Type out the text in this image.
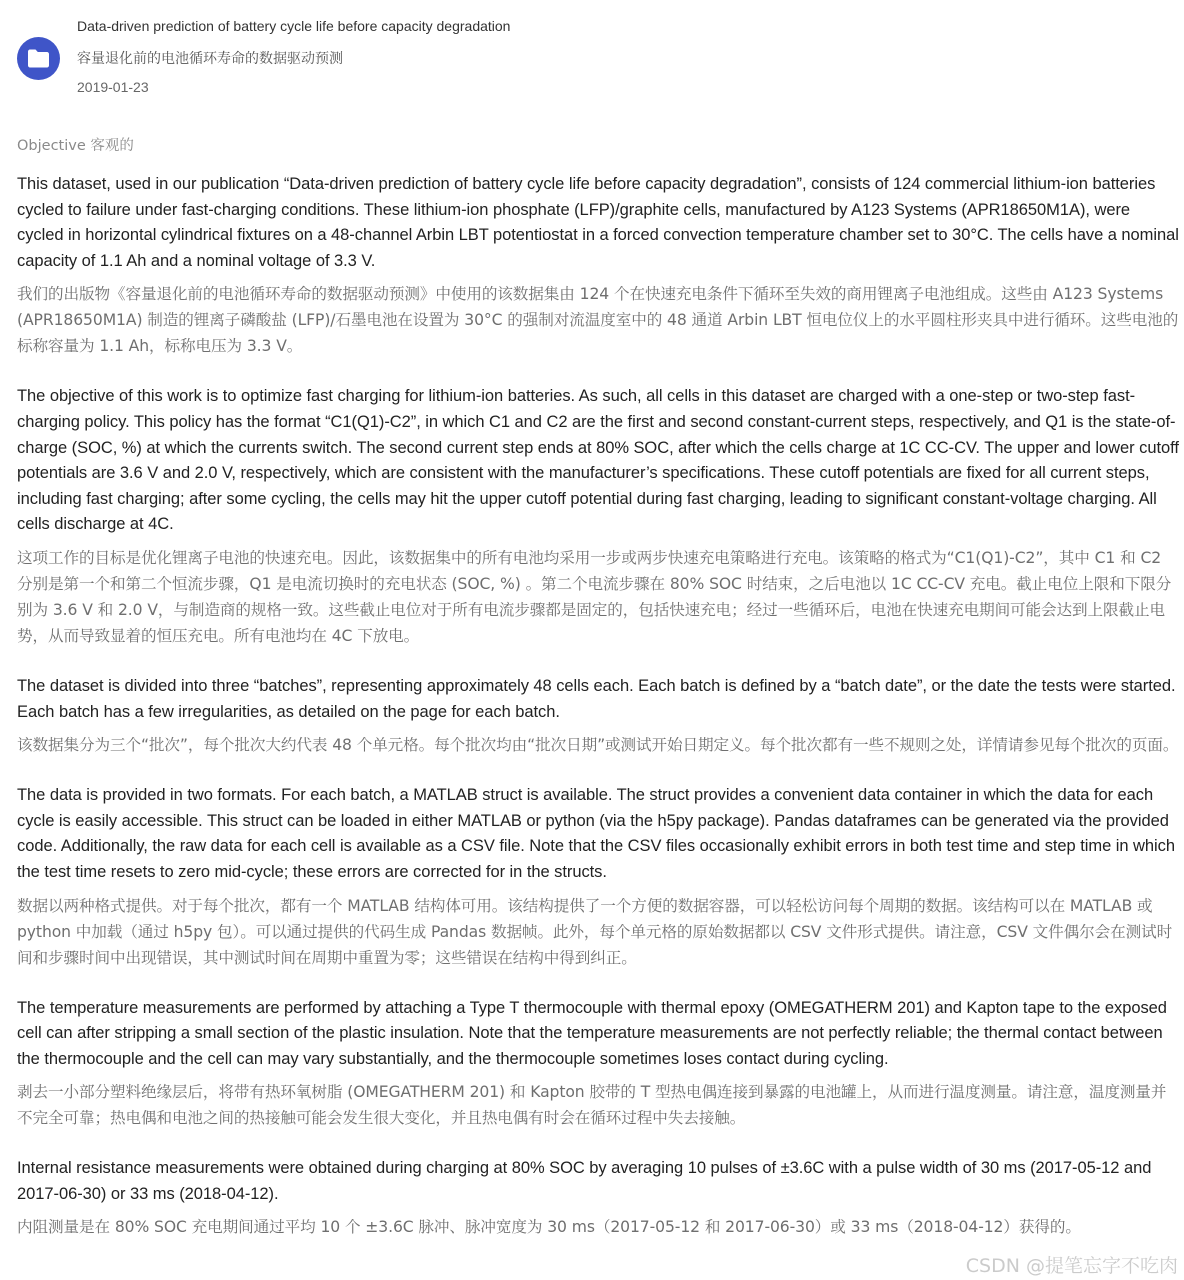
Data-driven prediction of battery cycle life before capacity degradation
容量退化前的电池循环寿命的数据驱动预测
2019-01-23
Objective 客观的

This dataset, used in our publication “Data-driven prediction of battery cycle life before capacity degradation”, consists of 124 commercial lithium-ion batteries cycled to failure under fast-charging conditions. These lithium-ion phosphate (LFP)/graphite cells, manufactured by A123 Systems (APR18650M1A), were cycled in horizontal cylindrical fixtures on a 48-channel Arbin LBT potentiostat in a forced convection temperature chamber set to 30°C. The cells have a nominal capacity of 1.1 Ah and a nominal voltage of 3.3 V.

我们的出版物《容量退化前的电池循环寿命的数据驱动预测》中使用的该数据集由 124 个在快速充电条件下循环至失效的商用锂离子电池组成。这些由 A123 Systems (APR18650M1A) 制造的锂离子磷酸盐 (LFP)/石墨电池在设置为 30°C 的强制对流温度室中的 48 通道 Arbin LBT 恒电位仪上的水平圆柱形夹具中进行循环。这些电池的标称容量为 1.1 Ah，标称电压为 3.3 V。

The objective of this work is to optimize fast charging for lithium-ion batteries. As such, all cells in this dataset are charged with a one-step or two-step fast-charging policy. This policy has the format “C1(Q1)-C2”, in which C1 and C2 are the first and second constant-current steps, respectively, and Q1 is the state-of-charge (SOC, %) at which the currents switch. The second current step ends at 80% SOC, after which the cells charge at 1C CC-CV. The upper and lower cutoff potentials are 3.6 V and 2.0 V, respectively, which are consistent with the manufacturer’s specifications. These cutoff potentials are fixed for all current steps, including fast charging; after some cycling, the cells may hit the upper cutoff potential during fast charging, leading to significant constant-voltage charging. All cells discharge at 4C.

这项工作的目标是优化锂离子电池的快速充电。因此，该数据集中的所有电池均采用一步或两步快速充电策略进行充电。该策略的格式为“C1(Q1)-C2”，其中 C1 和 C2 分别是第一个和第二个恒流步骤，Q1 是电流切换时的充电状态 (SOC, %) 。第二个电流步骤在 80% SOC 时结束，之后电池以 1C CC-CV 充电。截止电位上限和下限分别为 3.6 V 和 2.0 V，与制造商的规格一致。这些截止电位对于所有电流步骤都是固定的，包括快速充电；经过一些循环后，电池在快速充电期间可能会达到上限截止电势，从而导致显着的恒压充电。所有电池均在 4C 下放电。

The dataset is divided into three “batches”, representing approximately 48 cells each. Each batch is defined by a “batch date”, or the date the tests were started. Each batch has a few irregularities, as detailed on the page for each batch.

该数据集分为三个“批次”，每个批次大约代表 48 个单元格。每个批次均由“批次日期”或测试开始日期定义。每个批次都有一些不规则之处，详情请参见每个批次的页面。

The data is provided in two formats. For each batch, a MATLAB struct is available. The struct provides a convenient data container in which the data for each cycle is easily accessible. This struct can be loaded in either MATLAB or python (via the h5py package). Pandas dataframes can be generated via the provided code. Additionally, the raw data for each cell is available as a CSV file. Note that the CSV files occasionally exhibit errors in both test time and step time in which the test time resets to zero mid-cycle; these errors are corrected for in the structs.

数据以两种格式提供。对于每个批次，都有一个 MATLAB 结构体可用。该结构提供了一个方便的数据容器，可以轻松访问每个周期的数据。该结构可以在 MATLAB 或 python 中加载（通过 h5py 包）。可以通过提供的代码生成 Pandas 数据帧。此外，每个单元格的原始数据都以 CSV 文件形式提供。请注意，CSV 文件偶尔会在测试时间和步骤时间中出现错误，其中测试时间在周期中重置为零；这些错误在结构中得到纠正。

The temperature measurements are performed by attaching a Type T thermocouple with thermal epoxy (OMEGATHERM 201) and Kapton tape to the exposed cell can after stripping a small section of the plastic insulation. Note that the temperature measurements are not perfectly reliable; the thermal contact between the thermocouple and the cell can may vary substantially, and the thermocouple sometimes loses contact during cycling.

剥去一小部分塑料绝缘层后，将带有热环氧树脂 (OMEGATHERM 201) 和 Kapton 胶带的 T 型热电偶连接到暴露的电池罐上，从而进行温度测量。请注意，温度测量并不完全可靠；热电偶和电池之间的热接触可能会发生很大变化，并且热电偶有时会在循环过程中失去接触。

Internal resistance measurements were obtained during charging at 80% SOC by averaging 10 pulses of ±3.6C with a pulse width of 30 ms (2017-05-12 and 2017-06-30) or 33 ms (2018-04-12).

内阻测量是在 80% SOC 充电期间通过平均 10 个 ±3.6C 脉冲、脉冲宽度为 30 ms（2017-05-12 和 2017-06-30）或 33 ms（2018-04-12）获得的。

CSDN @提笔忘字不吃肉
